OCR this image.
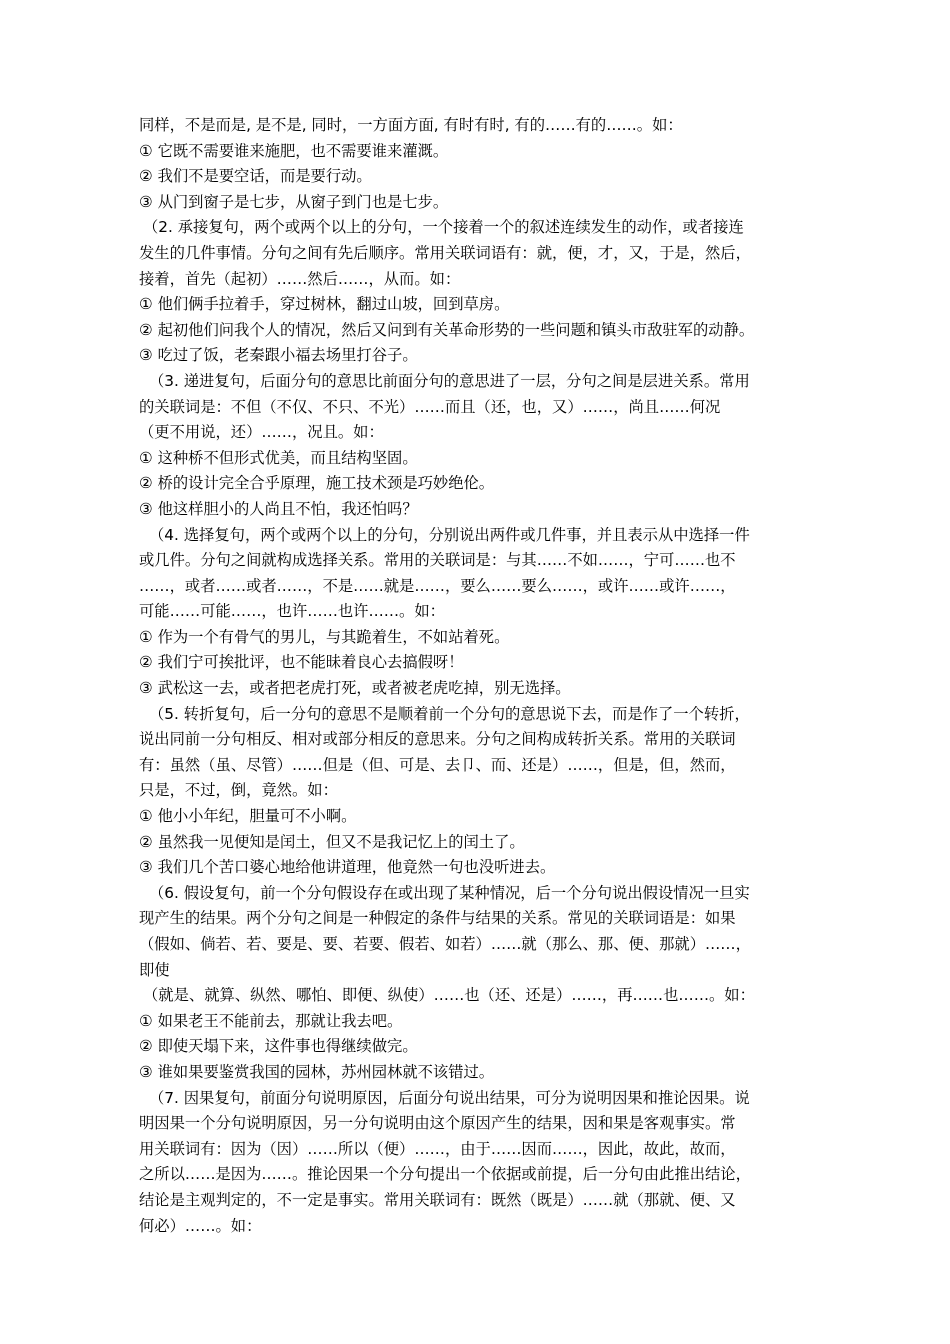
同样，不是而是, 是不是, 同时，一方面方面, 有时有时, 有的……有的……。如：
① 它既不需要谁来施肥，也不需要谁来灌溉。
② 我们不是要空话，而是要行动。
③ 从门到窗子是七步，从窗子到门也是七步。
（2. 承接复句，两个或两个以上的分句，一个接着一个的叙述连续发生的动作，或者接连
发生的几件事情。分句之间有先后顺序。常用关联词语有：就，便，才，又，于是，然后，
接着，首先（起初）……然后……，从而。如：
① 他们俩手拉着手，穿过树林，翻过山坡，回到草房。
② 起初他们问我个人的情况，然后又问到有关革命形势的一些问题和镇头市敌驻军的动静。
③ 吃过了饭，老秦跟小福去场里打谷子。
（3. 递进复句，后面分句的意思比前面分句的意思进了一层，分句之间是层进关系。常用
的关联词是：不但（不仅、不只、不光）……而且（还，也，又）……，尚且……何况
（更不用说，还）……，况且。如：
① 这种桥不但形式优美，而且结构坚固。
② 桥的设计完全合乎原理，施工技术颈是巧妙绝伦。
③ 他这样胆小的人尚且不怕，我还怕吗？
（4. 选择复句，两个或两个以上的分句，分别说出两件或几件事，并且表示从中选择一件
或几件。分句之间就构成选择关系。常用的关联词是：与其……不如……，宁可……也不
……，或者……或者……，不是……就是……，要么……要么……，或许……或许……，
可能……可能……，也许……也许……。如：
① 作为一个有骨气的男儿，与其跪着生，不如站着死。
② 我们宁可挨批评，也不能昧着良心去搞假呀！
③ 武松这一去，或者把老虎打死，或者被老虎吃掉，别无选择。
（5. 转折复句，后一分句的意思不是顺着前一个分句的意思说下去，而是作了一个转折，
说出同前一分句相反、相对或部分相反的意思来。分句之间构成转折关系。常用的关联词
有：虽然（虽、尽管）……但是（但、可是、去卩、而、还是）……，但是，但，然而，
只是，不过，倒，竟然。如：
① 他小小年纪，胆量可不小啊。
② 虽然我一见便知是闰土，但又不是我记忆上的闰土了。
③ 我们几个苦口婆心地给他讲道理，他竟然一句也没听进去。
（6. 假设复句，前一个分句假设存在或出现了某种情况，后一个分句说出假设情况一旦实
现产生的结果。两个分句之间是一种假定的条件与结果的关系。常见的关联词语是：如果
（假如、倘若、若、要是、要、若要、假若、如若）……就（那么、那、便、那就）……，
即使
（就是、就算、纵然、哪怕、即便、纵使）……也（还、还是）……，再……也……。如：
① 如果老王不能前去，那就让我去吧。
② 即使天塌下来，这件事也得继续做完。
③ 谁如果要鉴赏我国的园林，苏州园林就不该错过。
（7. 因果复句，前面分句说明原因，后面分句说出结果，可分为说明因果和推论因果。说
明因果一个分句说明原因，另一分句说明由这个原因产生的结果，因和果是客观事实。常
用关联词有：因为（因）……所以（便）……，由于……因而……，因此，故此，故而，
之所以……是因为……。推论因果一个分句提出一个依据或前提，后一分句由此推出结论，
结论是主观判定的，不一定是事实。常用关联词有：既然（既是）……就（那就、便、又
何必）……。如：
